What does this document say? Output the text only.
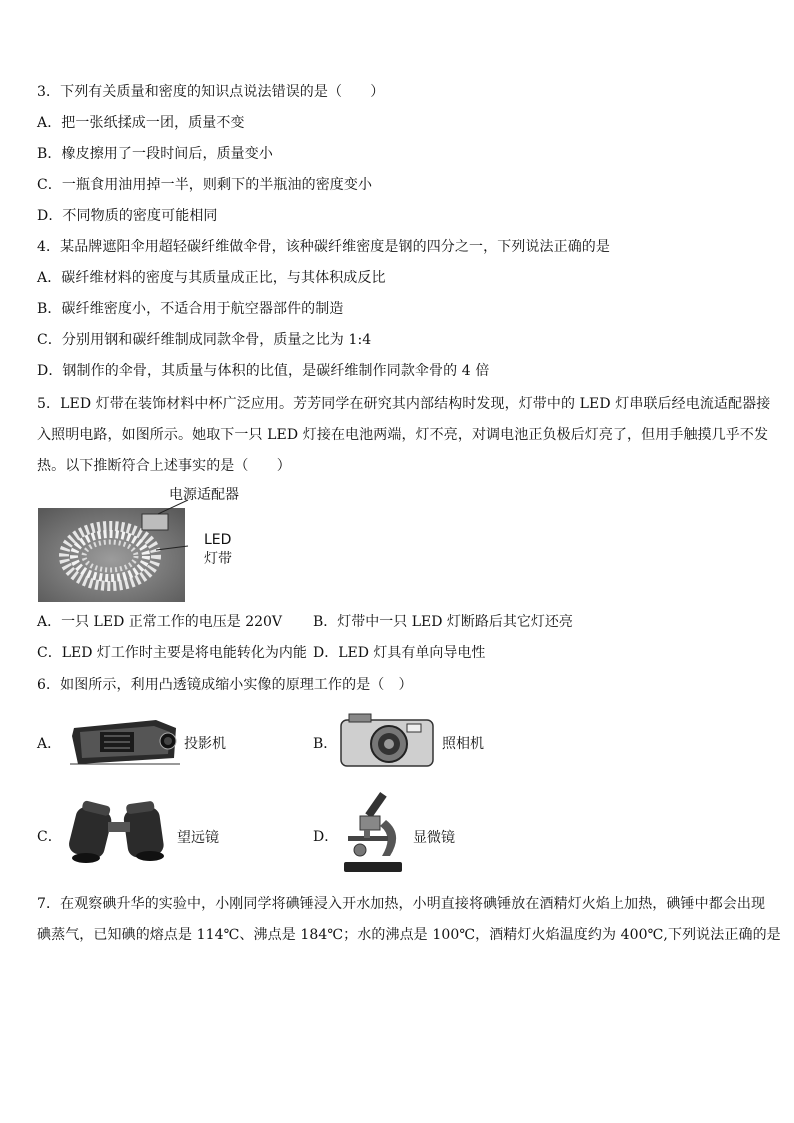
3．下列有关质量和密度的知识点说法错误的是（　　）
A．把一张纸揉成一团，质量不变
B．橡皮擦用了一段时间后，质量变小
C．一瓶食用油用掉一半，则剩下的半瓶油的密度变小
D．不同物质的密度可能相同
4．某品牌遮阳伞用超轻碳纤维做伞骨，该种碳纤维密度是钢的四分之一，下列说法正确的是
A．碳纤维材料的密度与其质量成正比，与其体积成反比
B．碳纤维密度小，不适合用于航空器部件的制造
C．分别用钢和碳纤维制成同款伞骨，质量之比为 1:4
D．钢制作的伞骨，其质量与体积的比值，是碳纤维制作同款伞骨的 4 倍
5．LED 灯带在装饰材料中杯广泛应用。芳芳同学在研究其内部结构时发现，灯带中的 LED 灯串联后经电流适配器接
入照明电路，如图所示。她取下一只 LED 灯接在电池两端，灯不亮，对调电池正负极后灯亮了，但用手触摸几乎不发
热。以下推断符合上述事实的是（　　）
电源适配器
LED
灯带
A．一只 LED 正常工作的电压是 220V B．灯带中一只 LED 灯断路后其它灯还亮
C．LED 灯工作时主要是将电能转化为内能 D．LED 灯具有单向导电性
6．如图所示，利用凸透镜成缩小实像的原理工作的是（　）
A．	投影机	B．	照相机
C．	望远镜	D．	显微镜
7．在观察碘升华的实验中，小刚同学将碘锤浸入开水加热，小明直接将碘锤放在酒精灯火焰上加热，碘锤中都会出现
碘蒸气，已知碘的熔点是 114℃、沸点是 184℃；水的沸点是 100℃，酒精灯火焰温度约为 400℃,下列说法正确的是
